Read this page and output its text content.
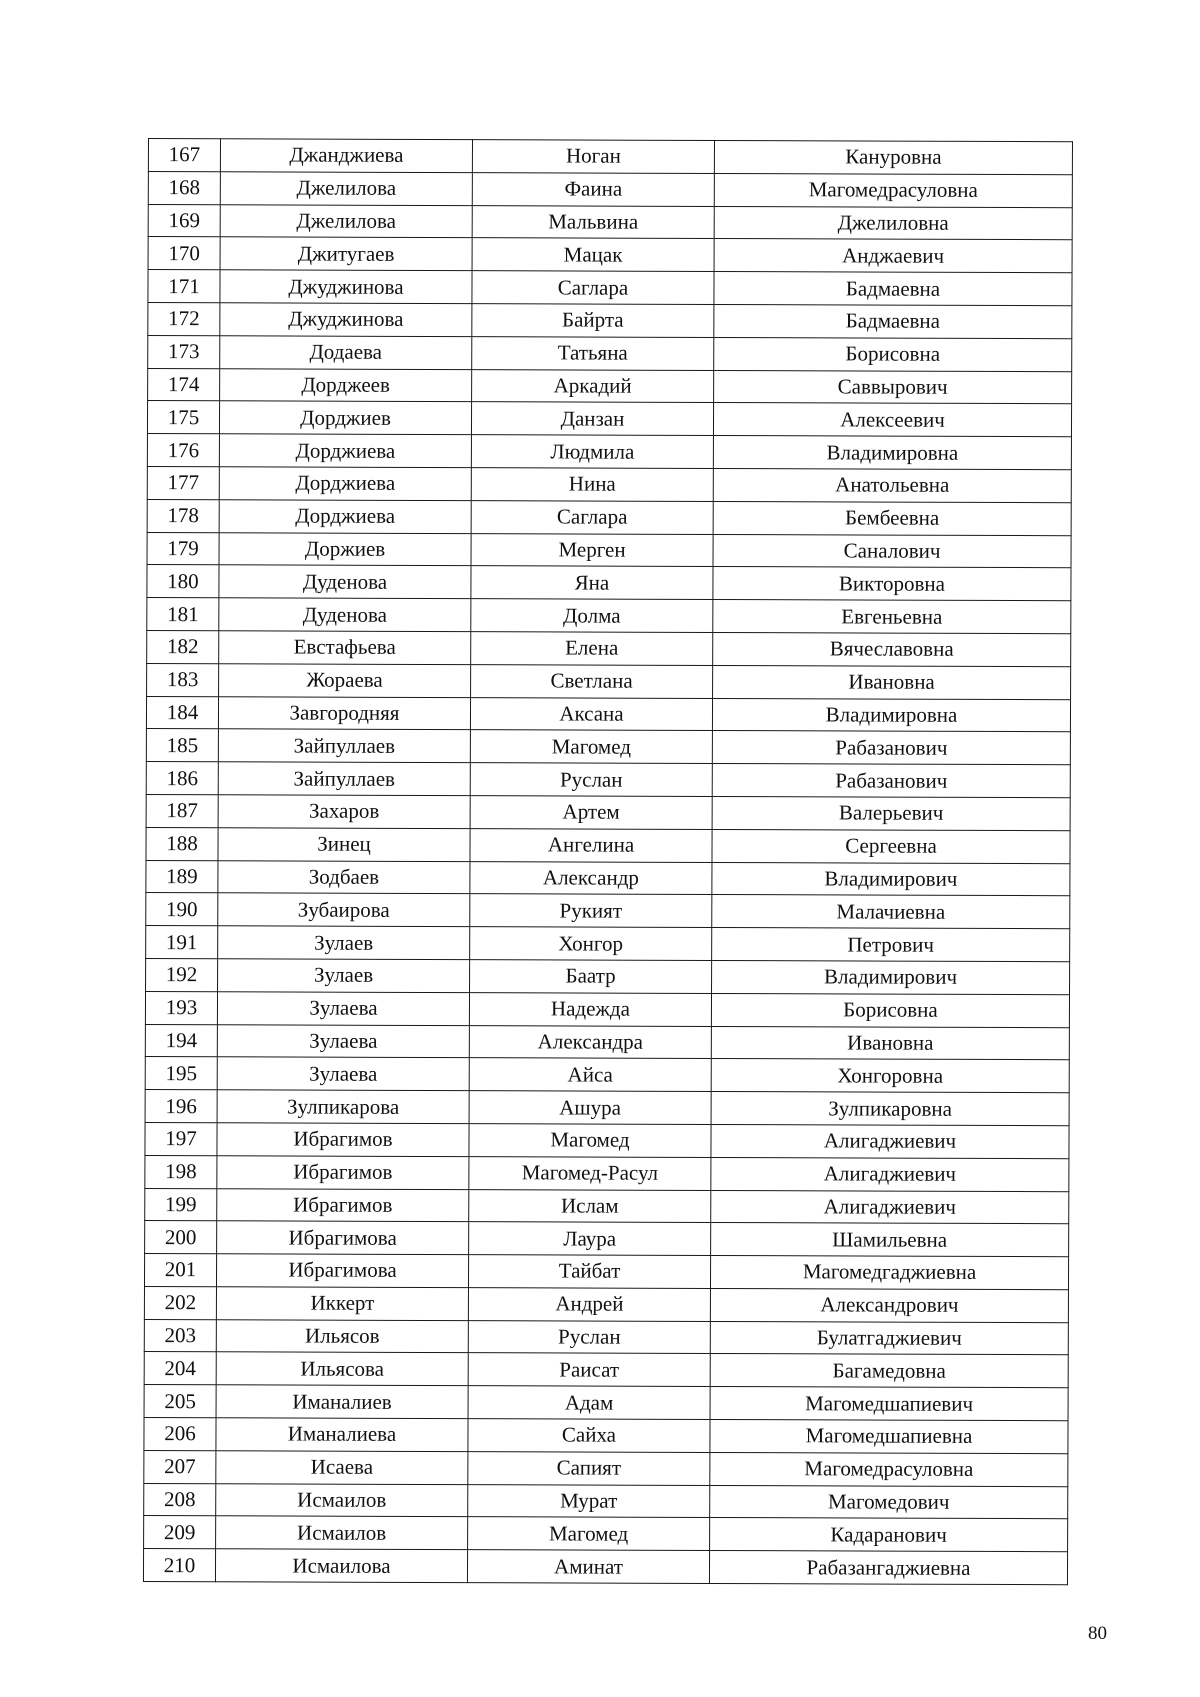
167	Джанджиева	Ноган	Кануровна
168	Джелилова	Фаина	Магомедрасуловна
169	Джелилова	Мальвина	Джелиловна
170	Джитугаев	Мацак	Анджаевич
171	Джуджинова	Саглара	Бадмаевна
172	Джуджинова	Байрта	Бадмаевна
173	Додаева	Татьяна	Борисовна
174	Дорджеев	Аркадий	Саввырович
175	Дорджиев	Данзан	Алексеевич
176	Дорджиева	Людмила	Владимировна
177	Дорджиева	Нина	Анатольевна
178	Дорджиева	Саглара	Бембеевна
179	Доржиев	Мерген	Саналович
180	Дуденова	Яна	Викторовна
181	Дуденова	Долма	Евгеньевна
182	Евстафьева	Елена	Вячеславовна
183	Жораева	Светлана	Ивановна
184	Завгородняя	Аксана	Владимировна
185	Зайпуллаев	Магомед	Рабазанович
186	Зайпуллаев	Руслан	Рабазанович
187	Захаров	Артем	Валерьевич
188	Зинец	Ангелина	Сергеевна
189	Зодбаев	Александр	Владимирович
190	Зубаирова	Рукият	Малачиевна
191	Зулаев	Хонгор	Петрович
192	Зулаев	Баатр	Владимирович
193	Зулаева	Надежда	Борисовна
194	Зулаева	Александра	Ивановна
195	Зулаева	Айса	Хонгоровна
196	Зулпикарова	Ашура	Зулпикаровна
197	Ибрагимов	Магомед	Алигаджиевич
198	Ибрагимов	Магомед-Расул	Алигаджиевич
199	Ибрагимов	Ислам	Алигаджиевич
200	Ибрагимова	Лаура	Шамильевна
201	Ибрагимова	Тайбат	Магомедгаджиевна
202	Иккерт	Андрей	Александрович
203	Ильясов	Руслан	Булатгаджиевич
204	Ильясова	Раисат	Багамедовна
205	Иманалиев	Адам	Магомедшапиевич
206	Иманалиева	Сайха	Магомедшапиевна
207	Исаева	Сапият	Магомедрасуловна
208	Исмаилов	Мурат	Магомедович
209	Исмаилов	Магомед	Кадаранович
210	Исмаилова	Аминат	Рабазангаджиевна
80
